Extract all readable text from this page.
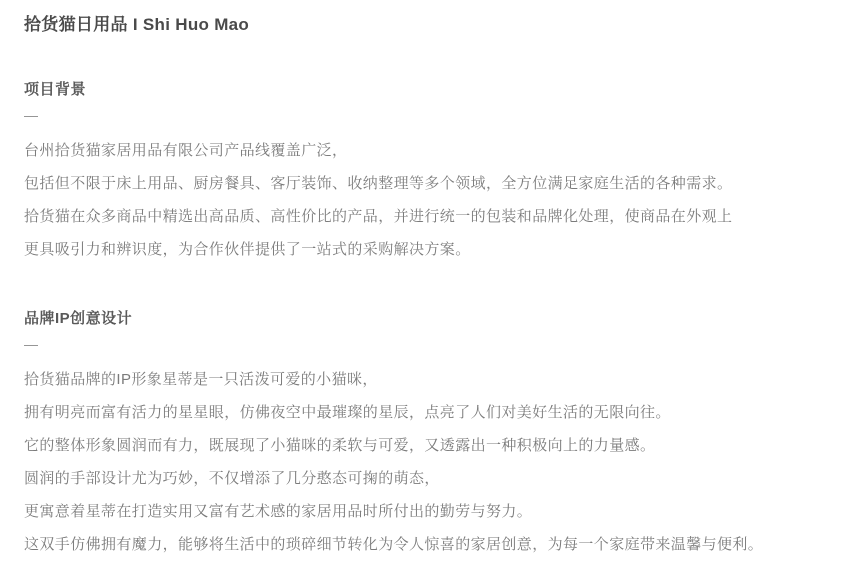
拾货猫日用品 I Shi Huo Mao
项目背景
—

台州拾货猫家居用品有限公司产品线覆盖广泛，

包括但不限于床上用品、厨房餐具、客厅装饰、收纳整理等多个领域，全方位满足家庭生活的各种需求。

拾货猫在众多商品中精选出高品质、高性价比的产品，并进行统一的包装和品牌化处理，使商品在外观上

更具吸引力和辨识度，为合作伙伴提供了一站式的采购解决方案。

品牌IP创意设计
—

拾货猫品牌的IP形象星蒂是一只活泼可爱的小猫咪，

拥有明亮而富有活力的星星眼，仿佛夜空中最璀璨的星辰，点亮了人们对美好生活的无限向往。

它的整体形象圆润而有力，既展现了小猫咪的柔软与可爱，又透露出一种积极向上的力量感。

圆润的手部设计尤为巧妙，不仅增添了几分憨态可掬的萌态，

更寓意着星蒂在打造实用又富有艺术感的家居用品时所付出的勤劳与努力。

这双手仿佛拥有魔力，能够将生活中的琐碎细节转化为令人惊喜的家居创意，为每一个家庭带来温馨与便利。
